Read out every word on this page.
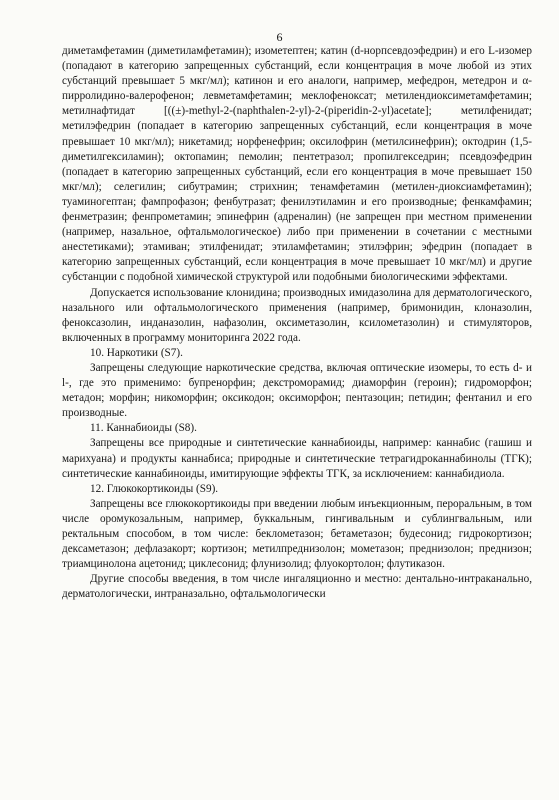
6

диметамфетамин (диметиламфетамин); изометептен; катин (d-норпсевдоэфедрин) и его L-изомер (попадают в категорию запрещенных субстанций, если концентрация в моче любой из этих субстанций превышает 5 мкг/мл); катинон и его аналоги, например, мефедрон, метедрон и α-пирролидино-валерофенон; левметамфетамин; меклофеноксат; метилендиоксиметамфетамин; метилнафтидат [((±)-methyl-2-(naphthalen-2-yl)-2-(piperidin-2-yl)acetate]; метилфенидат; метилэфедрин (попадает в категорию запрещенных субстанций, если концентрация в моче превышает 10 мкг/мл); никетамид; норфенефрин; оксилофрин (метилсинефрин); октодрин (1,5-диметилгексиламин); октопамин; пемолин; пентетразол; пропилгекседрин; псевдоэфедрин (попадает в категорию запрещенных субстанций, если его концентрация в моче превышает 150 мкг/мл); селегилин; сибутрамин; стрихнин; тенамфетамин (метилен-диоксиамфетамин); туаминогептан; фампрофазон; фенбутразат; фенилэтиламин и его производные; фенкамфамин; фенметразин; фенпрометамин; эпинефрин (адреналин) (не запрещен при местном применении (например, назальное, офтальмологическое) либо при применении в сочетании с местными анестетиками); этамиван; этилфенидат; этиламфетамин; этилэфрин; эфедрин (попадает в категорию запрещенных субстанций, если концентрация в моче превышает 10 мкг/мл) и другие субстанции с подобной химической структурой или подобными биологическими эффектами.

Допускается использование клонидина; производных имидазолина для дерматологического, назального или офтальмологического применения (например, бримонидин, клоназолин, феноксазолин, инданазолин, нафазолин, оксиметазолин, ксилометазолин) и стимуляторов, включенных в программу мониторинга 2022 года.

10. Наркотики (S7).

Запрещены следующие наркотические средства, включая оптические изомеры, то есть d- и l-, где это применимо: бупренорфин; декстроморамид; диаморфин (героин); гидроморфон; метадон; морфин; никоморфин; оксикодон; оксиморфон; пентазоцин; петидин; фентанил и его производные.

11. Каннабиоиды (S8).

Запрещены все природные и синтетические каннабиоиды, например: каннабис (гашиш и марихуана) и продукты каннабиса; природные и синтетические тетрагидроканнабинолы (ТГК); синтетические каннабиноиды, имитирующие эффекты ТГК, за исключением: каннабидиола.

12. Глюкокортикоиды (S9).

Запрещены все глюкокортикоиды при введении любым инъекционным, пероральным, в том числе оромукозальным, например, буккальным, гингивальным и сублингвальным, или ректальным способом, в том числе: беклометазон; бетаметазон; будесонид; гидрокортизон; дексаметазон; дефлазакорт; кортизон; метилпреднизолон; мометазон; преднизолон; преднизон; триамцинолона ацетонид; циклесонид; флунизолид; флуокортолон; флутиказон.

Другие способы введения, в том числе ингаляционно и местно: дентально-интраканально, дерматологически, интраназально, офтальмологически
